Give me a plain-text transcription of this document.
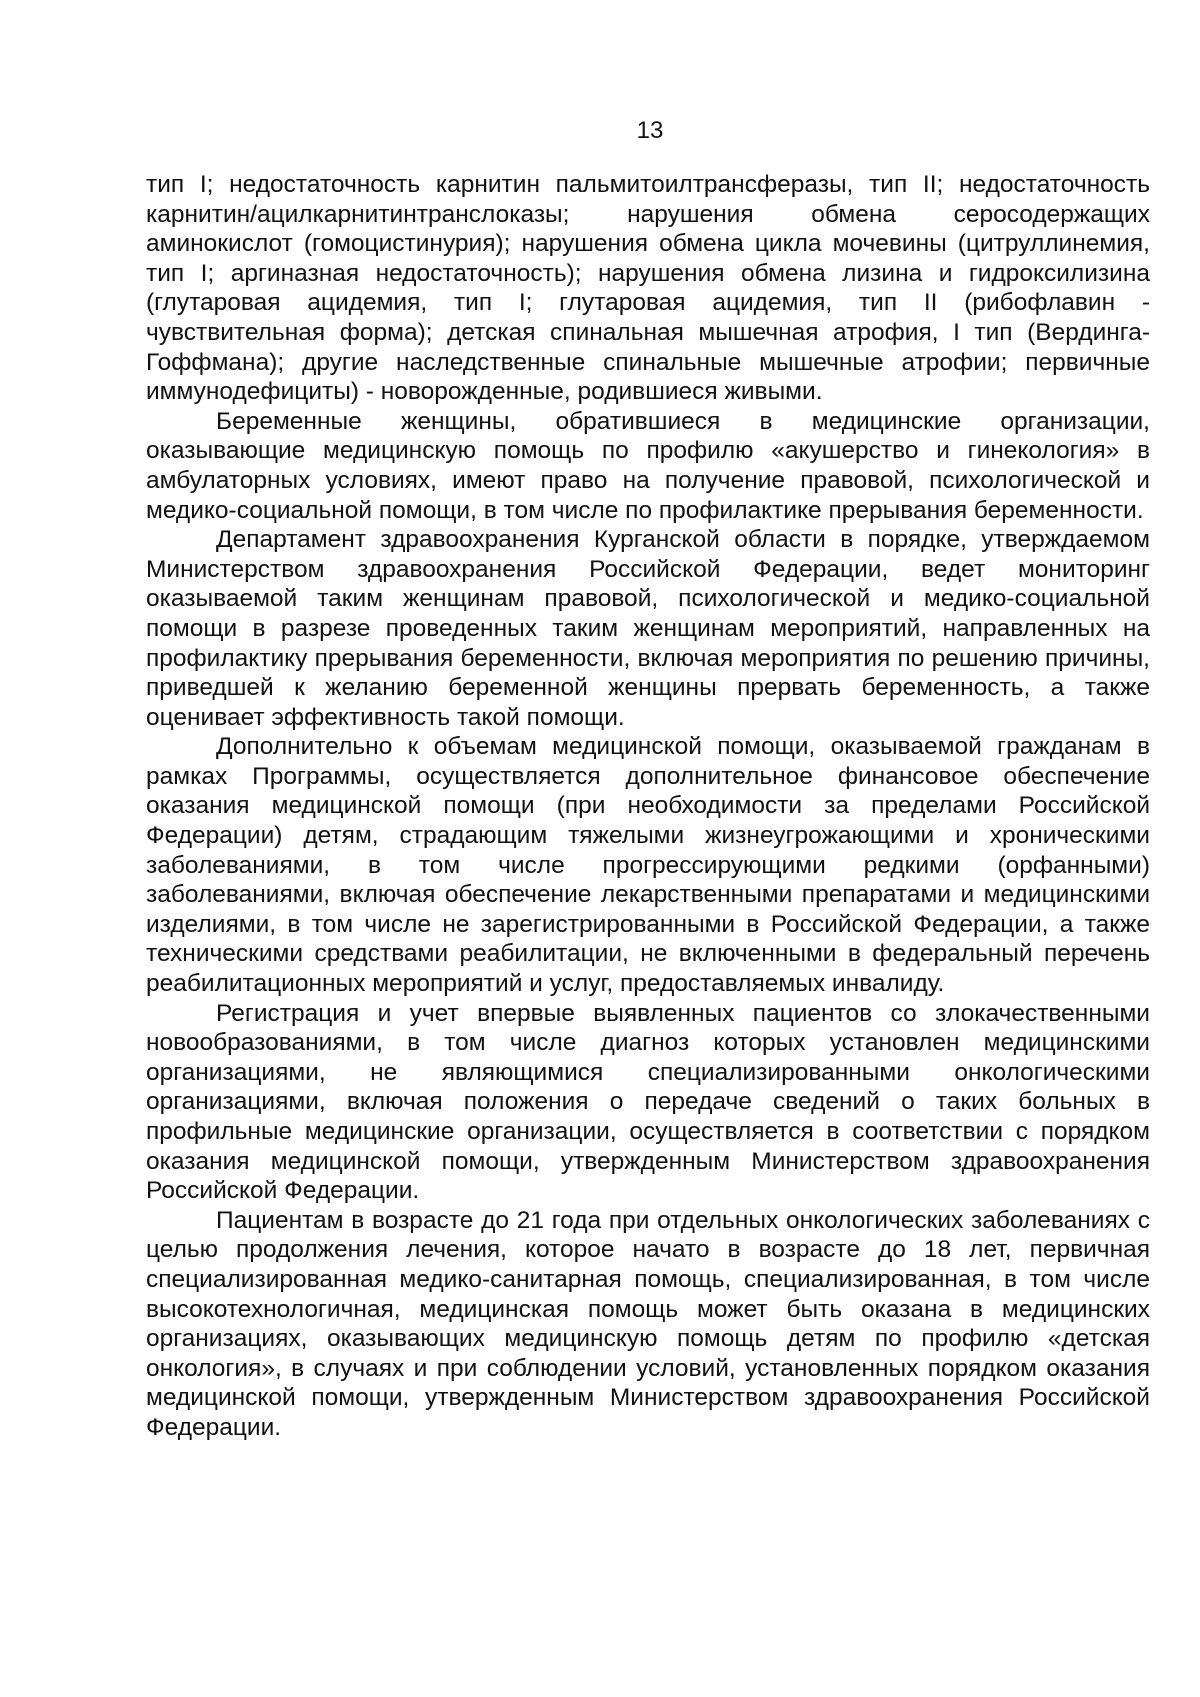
13

тип I; недостаточность карнитин пальмитоилтрансферазы, тип II; недостаточность карнитин/ацилкарнитинтранслоказы; нарушения обмена серосодержащих аминокислот (гомоцистинурия); нарушения обмена цикла мочевины (цитруллинемия, тип I; аргиназная недостаточность); нарушения обмена лизина и гидроксилизина (глутаровая ацидемия, тип I; глутаровая ацидемия, тип II (рибофлавин - чувствительная форма); детская спинальная мышечная атрофия, I тип (Вердинга-Гоффмана); другие наследственные спинальные мышечные атрофии; первичные иммунодефициты) - новорожденные, родившиеся живыми.

Беременные женщины, обратившиеся в медицинские организации, оказывающие медицинскую помощь по профилю «акушерство и гинекология» в амбулаторных условиях, имеют право на получение правовой, психологической и медико-социальной помощи, в том числе по профилактике прерывания беременности.

Департамент здравоохранения Курганской области в порядке, утверждаемом Министерством здравоохранения Российской Федерации, ведет мониторинг оказываемой таким женщинам правовой, психологической и медико-социальной помощи в разрезе проведенных таким женщинам мероприятий, направленных на профилактику прерывания беременности, включая мероприятия по решению причины, приведшей к желанию беременной женщины прервать беременность, а также оценивает эффективность такой помощи.

Дополнительно к объемам медицинской помощи, оказываемой гражданам в рамках Программы, осуществляется дополнительное финансовое обеспечение оказания медицинской помощи (при необходимости за пределами Российской Федерации) детям, страдающим тяжелыми жизнеугрожающими и хроническими заболеваниями, в том числе прогрессирующими редкими (орфанными) заболеваниями, включая обеспечение лекарственными препаратами и медицинскими изделиями, в том числе не зарегистрированными в Российской Федерации, а также техническими средствами реабилитации, не включенными в федеральный перечень реабилитационных мероприятий и услуг, предоставляемых инвалиду.

Регистрация и учет впервые выявленных пациентов со злокачественными новообразованиями, в том числе диагноз которых установлен медицинскими организациями, не являющимися специализированными онкологическими организациями, включая положения о передаче сведений о таких больных в профильные медицинские организации, осуществляется в соответствии с порядком оказания медицинской помощи, утвержденным Министерством здравоохранения Российской Федерации.

Пациентам в возрасте до 21 года при отдельных онкологических заболеваниях с целью продолжения лечения, которое начато в возрасте до 18 лет, первичная специализированная медико-санитарная помощь, специализированная, в том числе высокотехнологичная, медицинская помощь может быть оказана в медицинских организациях, оказывающих медицинскую помощь детям по профилю «детская онкология», в случаях и при соблюдении условий, установленных порядком оказания медицинской помощи, утвержденным Министерством здравоохранения Российской Федерации.
